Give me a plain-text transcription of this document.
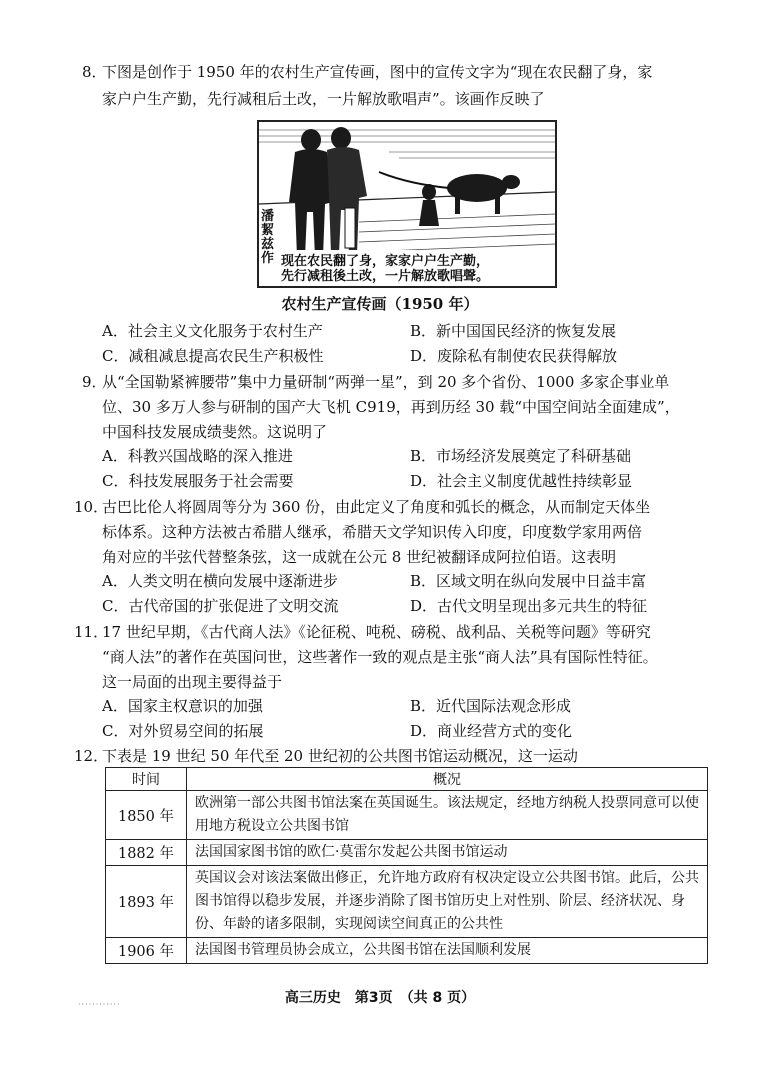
8．
下图是创作于 1950 年的农村生产宣传画，图中的宣传文字为“现在农民翻了身，家
家户户生产勤，先行减租后土改，一片解放歌唱声”。该画作反映了
潘
絜
兹
作 现在农民翻了身，家家户户生产勤，
先行减租後土改，一片解放歌唱聲。
农村生产宣传画（1950 年）
A．社会主义文化服务于农村生产	B．新中国国民经济的恢复发展
C．减租减息提高农民生产积极性	D．废除私有制使农民获得解放
9．
从“全国勒紧裤腰带”集中力量研制“两弹一星”，到 20 多个省份、1000 多家企事业单
位、30 多万人参与研制的国产大飞机 C919，再到历经 30 载“中国空间站全面建成”，
中国科技发展成绩斐然。这说明了
A．科教兴国战略的深入推进	B．市场经济发展奠定了科研基础
C．科技发展服务于社会需要	D．社会主义制度优越性持续彰显
10．
古巴比伦人将圆周等分为 360 份，由此定义了角度和弧长的概念，从而制定天体坐
标体系。这种方法被古希腊人继承，希腊天文学知识传入印度，印度数学家用两倍
角对应的半弦代替整条弦，这一成就在公元 8 世纪被翻译成阿拉伯语。这表明
A．人类文明在横向发展中逐渐进步	B．区域文明在纵向发展中日益丰富
C．古代帝国的扩张促进了文明交流	D．古代文明呈现出多元共生的特征
11．
17 世纪早期，《古代商人法》《论征税、吨税、磅税、战利品、关税等问题》等研究
“商人法”的著作在英国问世，这些著作一致的观点是主张“商人法”具有国际性特征。
这一局面的出现主要得益于
A．国家主权意识的加强	B．近代国际法观念形成
C．对外贸易空间的拓展	D．商业经营方式的变化
12．
下表是 19 世纪 50 年代至 20 世纪初的公共图书馆运动概况，这一运动
时间	概况
1850 年	欧洲第一部公共图书馆法案在英国诞生。该法规定，经地方纳税人投票同意可以使用地方税设立公共图书馆
1882 年	法国国家图书馆的欧仁·莫雷尔发起公共图书馆运动
1893 年	英国议会对该法案做出修正，允许地方政府有权决定设立公共图书馆。此后，公共图书馆得以稳步发展，并逐步消除了图书馆历史上对性别、阶层、经济状况、身份、年龄的诸多限制，实现阅读空间真正的公共性
1906 年	法国图书管理员协会成立，公共图书馆在法国顺利发展
高三历史　第3页　（共 8 页）
············
